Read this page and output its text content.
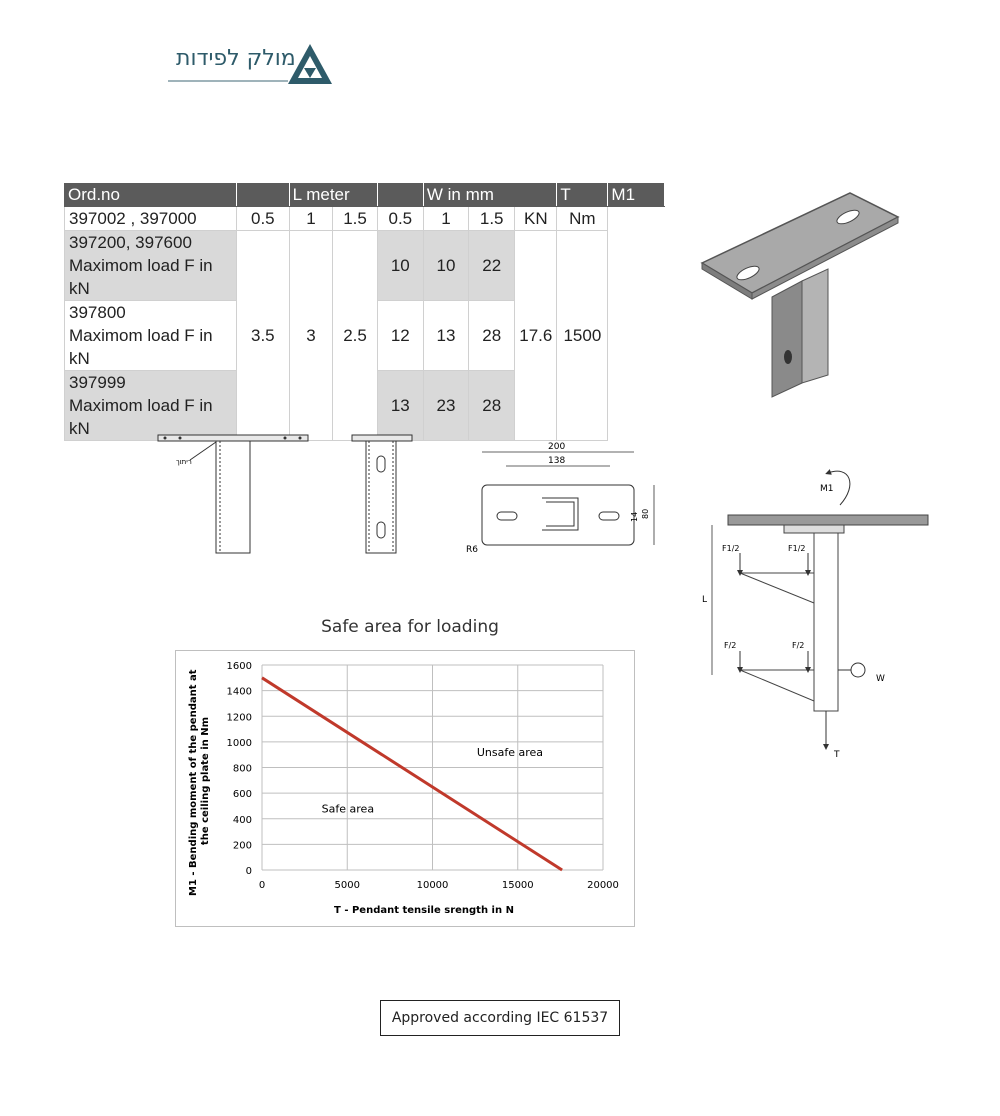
מולק לפידות
Ord.no		L meter			W in mm			T	M1
397002 , 397000	0.5	1	1.5	0.5	1	1.5	KN	Nm	

397200, 397600
Maximom load F in kN	3.5	3	2.5	10	10	22	17.6	1500	

397800
Maximom load F in kN				12	13	28			

397999
Maximom load F in kN				13	23	28			
ריתוך
200
138
80
14
R6
M1
L
F1/2	F1/2
F/2	F/2
W
T
Safe area for loading
0	5000	10000	15000	20000
0
200
400
600
800
1000
1200
1400
1600
Unsafe area
Safe area
T - Pendant tensile srength in N
M1 - Bending moment of the pendant at the ceiling plate in Nm
Approved according IEC 61537
